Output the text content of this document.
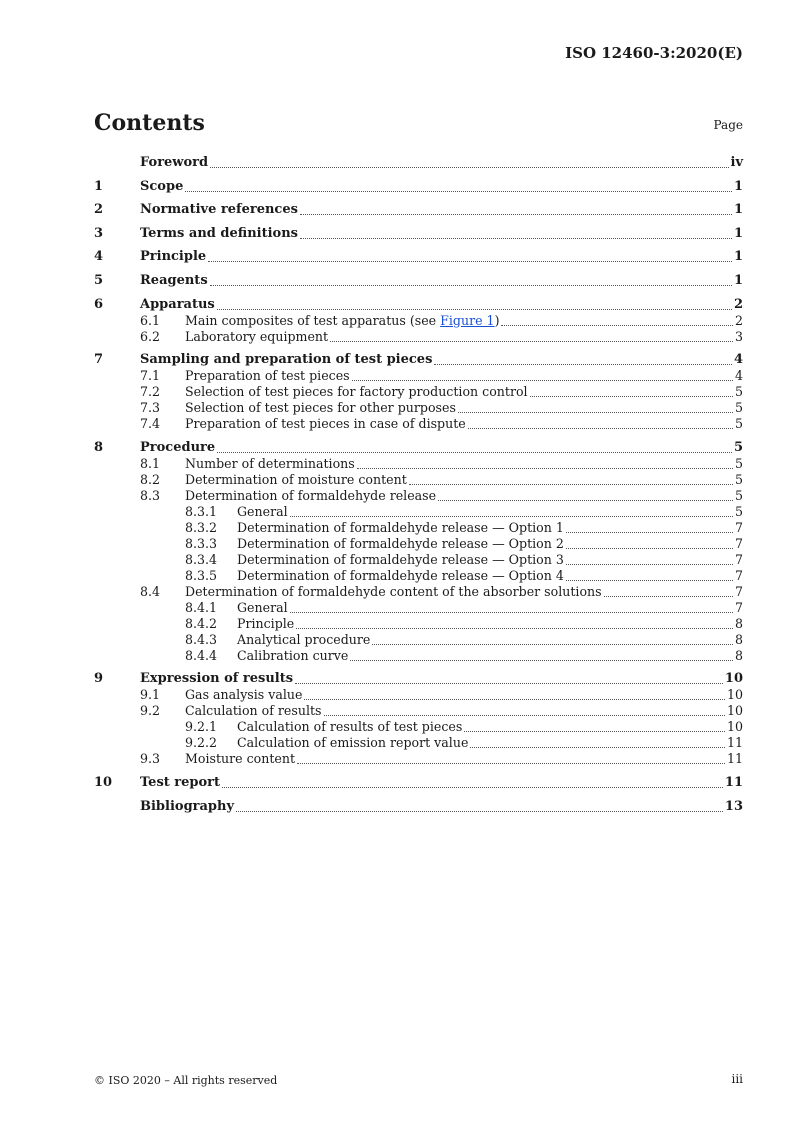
ISO 12460-3:2020(E)
Contents	Page
Foreword	iv
1	Scope	1
2	Normative references	1
3	Terms and definitions	1
4	Principle	1
5	Reagents	1
6	Apparatus	2
6.1	Main composites of test apparatus (see Figure 1)	2
6.2	Laboratory equipment	3
7	Sampling and preparation of test pieces	4
7.1	Preparation of test pieces	4
7.2	Selection of test pieces for factory production control	5
7.3	Selection of test pieces for other purposes	5
7.4	Preparation of test pieces in case of dispute	5
8	Procedure	5
8.1	Number of determinations	5
8.2	Determination of moisture content	5
8.3	Determination of formaldehyde release	5
8.3.1	General	5
8.3.2	Determination of formaldehyde release — Option 1	7
8.3.3	Determination of formaldehyde release — Option 2	7
8.3.4	Determination of formaldehyde release — Option 3	7
8.3.5	Determination of formaldehyde release — Option 4	7
8.4	Determination of formaldehyde content of the absorber solutions	7
8.4.1	General	7
8.4.2	Principle	8
8.4.3	Analytical procedure	8
8.4.4	Calibration curve	8
9	Expression of results	10
9.1	Gas analysis value	10
9.2	Calculation of results	10
9.2.1	Calculation of results of test pieces	10
9.2.2	Calculation of emission report value	11
9.3	Moisture content	11
10	Test report	11
Bibliography	13
© ISO 2020 – All rights reserved	iii
